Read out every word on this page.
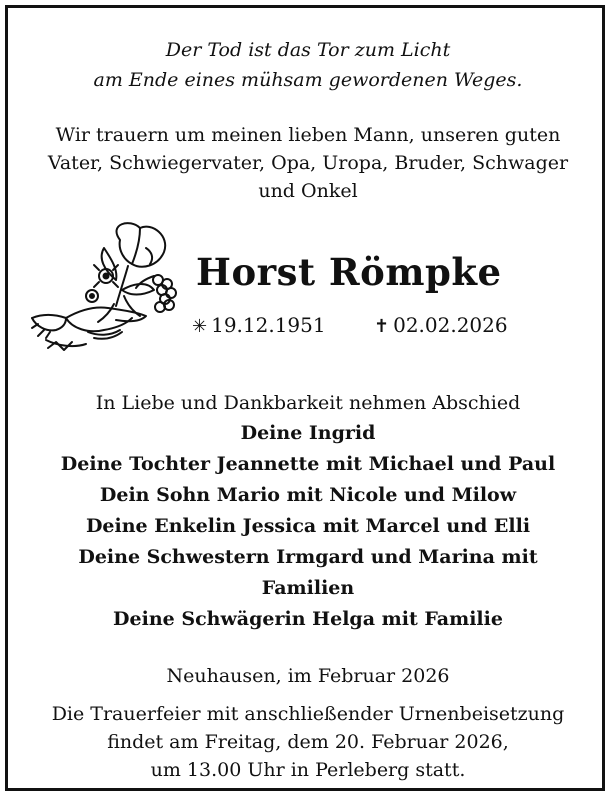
Der Tod ist das Tor zum Licht
am Ende eines mühsam gewordenen Weges.
Wir trauern um meinen lieben Mann, unseren guten
Vater, Schwiegervater, Opa, Uropa, Bruder, Schwager
und Onkel
Horst Römpke
✳ 19.12.1951	✝ 02.02.2026
In Liebe und Dankbarkeit nehmen Abschied
Deine Ingrid
Deine Tochter Jeannette mit Michael und Paul
Dein Sohn Mario mit Nicole und Milow
Deine Enkelin Jessica mit Marcel und Elli
Deine Schwestern Irmgard und Marina mit
Familien
Deine Schwägerin Helga mit Familie
Neuhausen, im Februar 2026
Die Trauerfeier mit anschließender Urnenbeisetzung
findet am Freitag, dem 20. Februar 2026,
um 13.00 Uhr in Perleberg statt.
